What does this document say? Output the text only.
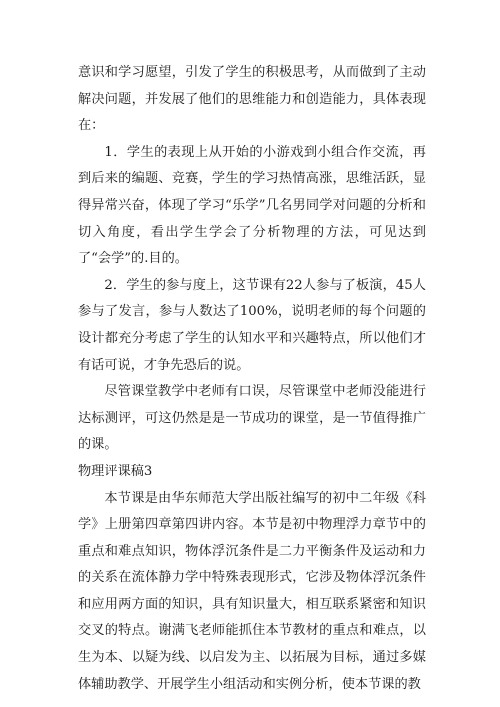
意识和学习愿望，引发了学生的积极思考，从而做到了主动解决问题，并发展了他们的思维能力和创造能力，具体表现在：

1．学生的表现上从开始的小游戏到小组合作交流，再到后来的编题、竞赛，学生的学习热情高涨，思维活跃，显得异常兴奋，体现了学习“乐学”几名男同学对问题的分析和切入角度，看出学生学会了分析物理的方法，可见达到了“会学”的.目的。

2．学生的参与度上，这节课有22人参与了板演，45人参与了发言，参与人数达了100%，说明老师的每个问题的设计都充分考虑了学生的认知水平和兴趣特点，所以他们才有话可说，才争先恐后的说。

尽管课堂教学中老师有口误，尽管课堂中老师没能进行达标测评，可这仍然是是一节成功的课堂，是一节值得推广的课。

物理评课稿3

本节课是由华东师范大学出版社编写的初中二年级《科学》上册第四章第四讲内容。本节是初中物理浮力章节中的重点和难点知识，物体浮沉条件是二力平衡条件及运动和力的关系在流体静力学中特殊表现形式，它涉及物体浮沉条件和应用两方面的知识，具有知识量大，相互联系紧密和知识交叉的特点。谢满飞老师能抓住本节教材的重点和难点，以生为本、以疑为线、以启发为主、以拓展为目标，通过多媒体辅助教学、开展学生小组活动和实例分析，使本节课的教
